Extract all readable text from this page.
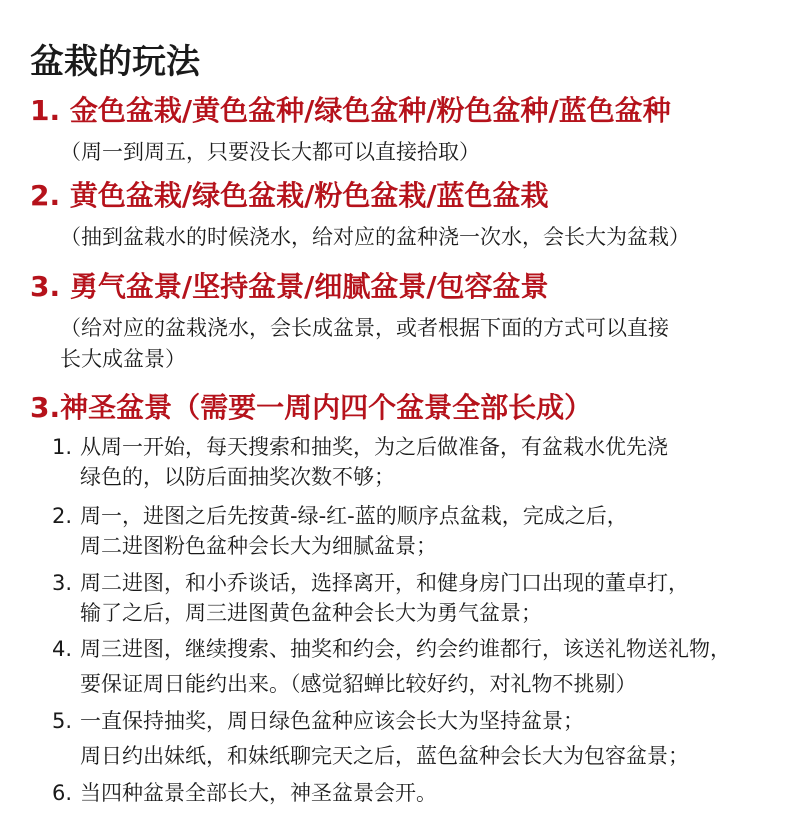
盆栽的玩法
1. 金色盆栽/黄色盆种/绿色盆种/粉色盆种/蓝色盆种
（周一到周五，只要没长大都可以直接拾取）
2. 黄色盆栽/绿色盆栽/粉色盆栽/蓝色盆栽
（抽到盆栽水的时候浇水，给对应的盆种浇一次水，会长大为盆栽）
3. 勇气盆景/坚持盆景/细腻盆景/包容盆景
（给对应的盆栽浇水，会长成盆景，或者根据下面的方式可以直接
长大成盆景）
3.神圣盆景（需要一周内四个盆景全部长成）
1. 从周一开始，每天搜索和抽奖，为之后做准备，有盆栽水优先浇
绿色的，以防后面抽奖次数不够；
2. 周一，进图之后先按黄-绿-红-蓝的顺序点盆栽，完成之后，
周二进图粉色盆种会长大为细腻盆景；
3. 周二进图，和小乔谈话，选择离开，和健身房门口出现的董卓打，
输了之后，周三进图黄色盆种会长大为勇气盆景；
4. 周三进图，继续搜索、抽奖和约会，约会约谁都行，该送礼物送礼物，
要保证周日能约出来。（感觉貂蝉比较好约，对礼物不挑剔）
5. 一直保持抽奖，周日绿色盆种应该会长大为坚持盆景；
周日约出妹纸，和妹纸聊完天之后，蓝色盆种会长大为包容盆景；
6. 当四种盆景全部长大，神圣盆景会开。
